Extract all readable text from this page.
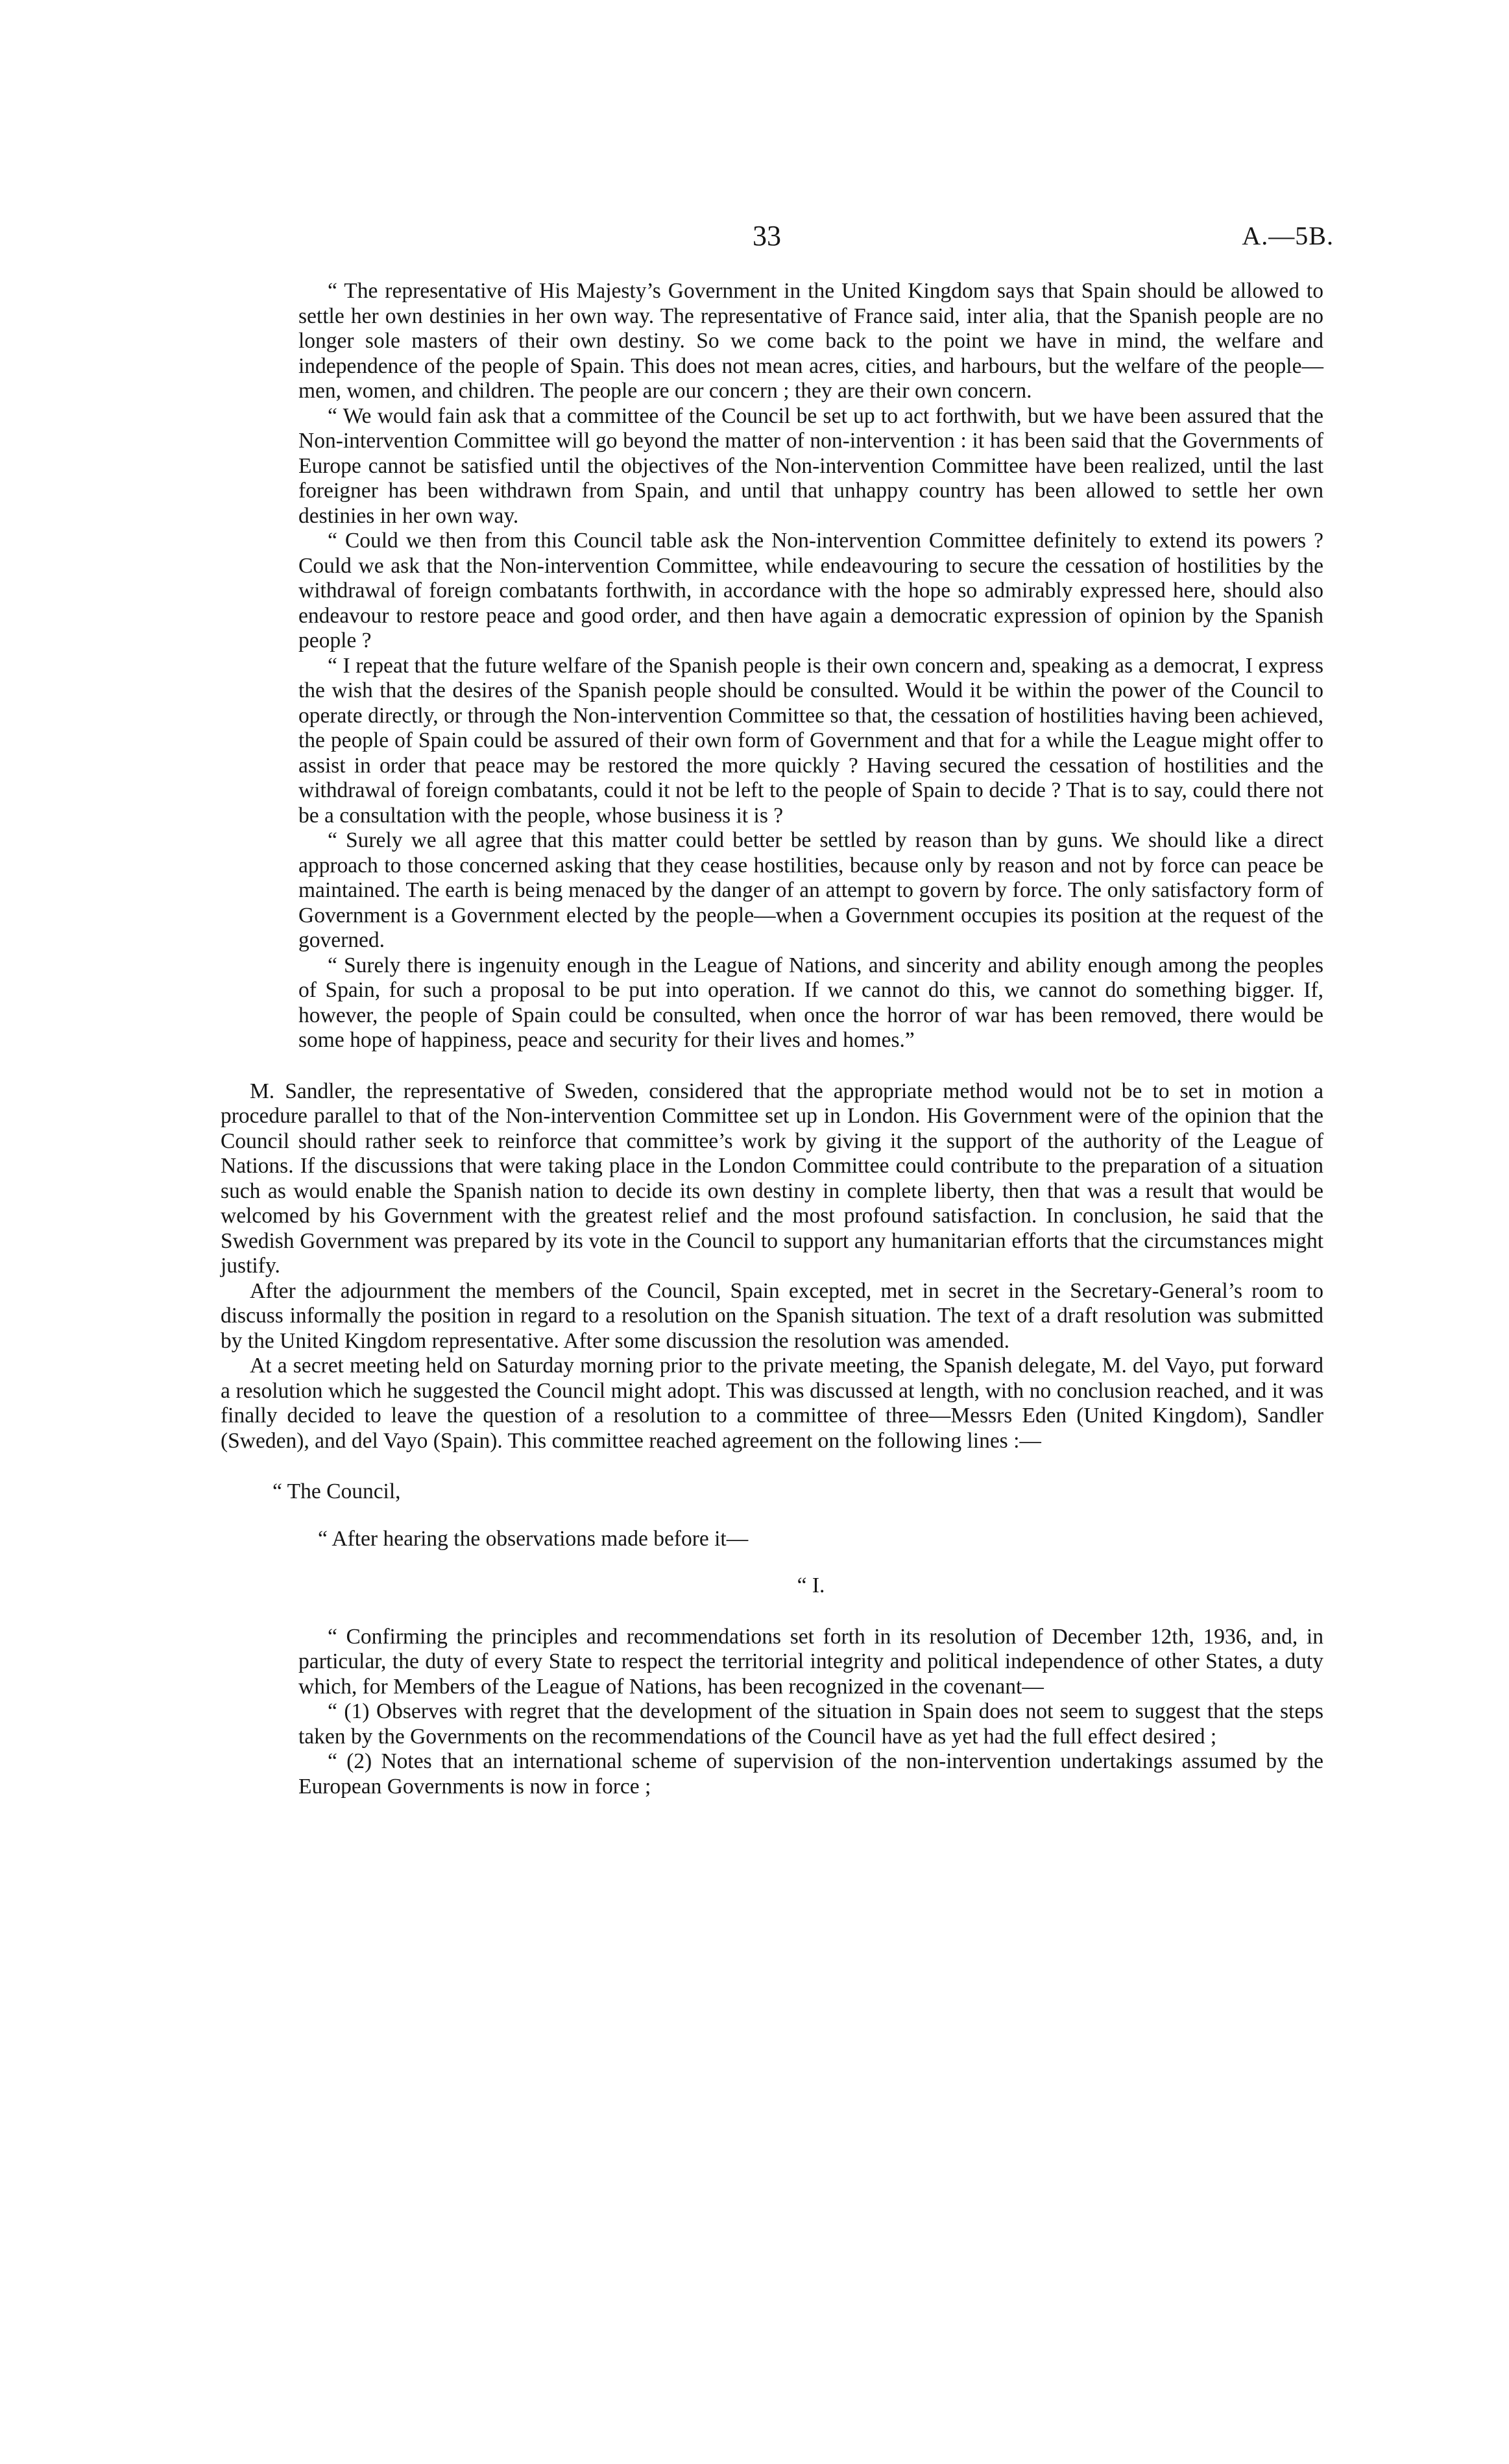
33	A.—5B.

“ The representative of His Majesty’s Government in the United Kingdom says that Spain should be allowed to settle her own destinies in her own way. The representative of France said, inter alia, that the Spanish people are no longer sole masters of their own destiny. So we come back to the point we have in mind, the welfare and independence of the people of Spain. This does not mean acres, cities, and harbours, but the welfare of the people—men, women, and children. The people are our concern ; they are their own concern.

“ We would fain ask that a committee of the Council be set up to act forthwith, but we have been assured that the Non-intervention Committee will go beyond the matter of non-intervention : it has been said that the Governments of Europe cannot be satisfied until the objectives of the Non-intervention Committee have been realized, until the last foreigner has been withdrawn from Spain, and until that unhappy country has been allowed to settle her own destinies in her own way.

“ Could we then from this Council table ask the Non-intervention Committee definitely to extend its powers ? Could we ask that the Non-intervention Committee, while endeavouring to secure the cessation of hostilities by the withdrawal of foreign combatants forthwith, in accordance with the hope so admirably expressed here, should also endeavour to restore peace and good order, and then have again a democratic expression of opinion by the Spanish people ?

“ I repeat that the future welfare of the Spanish people is their own concern and, speaking as a democrat, I express the wish that the desires of the Spanish people should be consulted. Would it be within the power of the Council to operate directly, or through the Non-intervention Committee so that, the cessation of hostilities having been achieved, the people of Spain could be assured of their own form of Government and that for a while the League might offer to assist in order that peace may be restored the more quickly ? Having secured the cessation of hostilities and the withdrawal of foreign combatants, could it not be left to the people of Spain to decide ? That is to say, could there not be a consultation with the people, whose business it is ?

“ Surely we all agree that this matter could better be settled by reason than by guns. We should like a direct approach to those concerned asking that they cease hostilities, because only by reason and not by force can peace be maintained. The earth is being menaced by the danger of an attempt to govern by force. The only satisfactory form of Government is a Government elected by the people—when a Government occupies its position at the request of the governed.

“ Surely there is ingenuity enough in the League of Nations, and sincerity and ability enough among the peoples of Spain, for such a proposal to be put into operation. If we cannot do this, we cannot do something bigger. If, however, the people of Spain could be consulted, when once the horror of war has been removed, there would be some hope of happiness, peace and security for their lives and homes.”

M. Sandler, the representative of Sweden, considered that the appropriate method would not be to set in motion a procedure parallel to that of the Non-intervention Committee set up in London. His Government were of the opinion that the Council should rather seek to reinforce that committee’s work by giving it the support of the authority of the League of Nations. If the discussions that were taking place in the London Committee could contribute to the preparation of a situation such as would enable the Spanish nation to decide its own destiny in complete liberty, then that was a result that would be welcomed by his Government with the greatest relief and the most profound satisfaction. In conclusion, he said that the Swedish Government was prepared by its vote in the Council to support any humanitarian efforts that the circumstances might justify.

After the adjournment the members of the Council, Spain excepted, met in secret in the Secretary-General’s room to discuss informally the position in regard to a resolution on the Spanish situation. The text of a draft resolution was submitted by the United Kingdom representative. After some discussion the resolution was amended.

At a secret meeting held on Saturday morning prior to the private meeting, the Spanish delegate, M. del Vayo, put forward a resolution which he suggested the Council might adopt. This was discussed at length, with no conclusion reached, and it was finally decided to leave the question of a resolution to a committee of three—Messrs Eden (United Kingdom), Sandler (Sweden), and del Vayo (Spain). This committee reached agreement on the following lines :—

“ The Council,

“ After hearing the observations made before it—

“ I.

“ Confirming the principles and recommendations set forth in its resolution of December 12th, 1936, and, in particular, the duty of every State to respect the territorial integrity and political independence of other States, a duty which, for Members of the League of Nations, has been recognized in the covenant—

“ (1) Observes with regret that the development of the situation in Spain does not seem to suggest that the steps taken by the Governments on the recommendations of the Council have as yet had the full effect desired ;

“ (2) Notes that an international scheme of supervision of the non-intervention undertakings assumed by the European Governments is now in force ;
